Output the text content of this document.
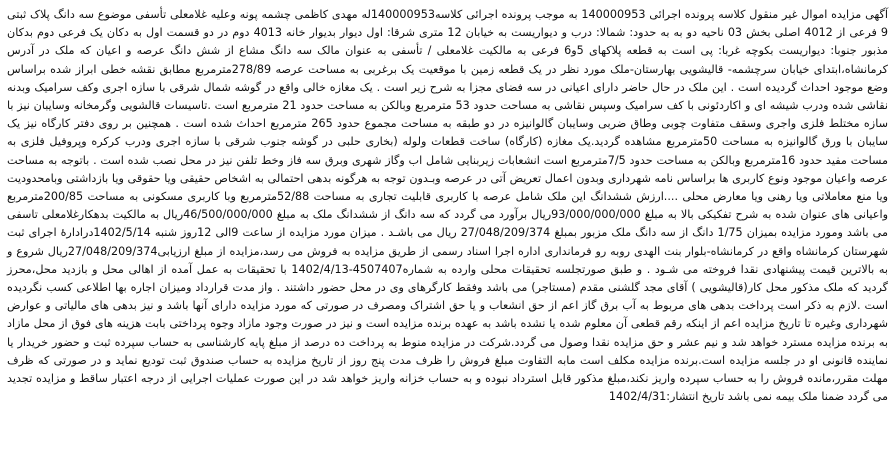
آگهی مزایده اموال غیر منقول کلاسه پرونده اجرائی 140000953 به موجب پرونده اجرائی کلاسه140000953له مهدی کاظمی چشمه پونه وعلیه غلامعلی تأسفی موضوع سه دانگ پلاک ثبتی 9 فرعی از 4012 اصلی بخش 03 ناحیه دو به به حدود: شمالا: درب و دیواریست به خیابان 12 متری شرقا: اول دیوار بدیوار خانه 4013 دوم در دو قسمت اول به دکان یک فرعی دوم بدکان مذبور جنوبا: دیواریست بکوچه غربا: پی است به قطعه پلاکهای 5و6 فرعی به مالکیت غلامعلی / تأسفی به عنوان مالک سه دانگ مشاع از شش دانگ عرصه و اعیان که ملک در آدرس کرمانشاه،ابتدای خیابان سرچشمه- قالیشویی بهارستان-ملک مورد نظر در یک قطعه زمین با موقعیت یک برغربی به مساحت عرصه 278/89مترمربع مطابق نقشه خطی ابراز شده براساس وضع موجود احداث گردیده است . این ملک در حال حاضر دارای اعیانی در سه فضای مجزا به شرح زیر است . یک مغازه خالی واقع در گوشه شمال شرقی با سازه اجری وکف سرامیک وبدنه نقاشی شده ودرب شیشه ای و اکاردئونی با کف سرامیک وسپس نقاشی به مساحت حدود 53 مترمربع وبالکن به مساحت حدود 21 مترمربع است .تاسیسات قالشویی وگرمخانه وسایبان نیز با سازه مختلط فلزی واجری وسقف متفاوت چوبی وطاق ضربی وسایبان گالوانیزه در دو طبقه به مساحت مجموع حدود 265 مترمربع احداث شده است . همچنین بر روی دفتر کارگاه نیز یک سایبان با ورق گالوانیزه به مساحت 50مترمربع مشاهده گردید.یک مغازه (کارگاه) ساخت قطعات ولوله (بخاری حلبی در گوشه جنوب شرقی با سازه اجری ودرب کرکره وپروفیل فلزی به مساحت مفید حدود 16مترمربع وبالکن به مساحت حدود 7/5مترمربع است انشعابات زیربنایی شامل اب وگاز شهری وبرق سه فاز وخط تلفن نیز در محل نصب شده است . باتوجه به مساحت عرصه واعیان موجود ونوع کاربری ها براساس نامه شهرداری وبدون اعمال تعریض آتی در عرصه وبـدون توجه به هرگونه بدهی احتمالی به اشخاص حقیقی ویا حقوقی ویا بازداشتی وبامحدودیت ویا منع معاملاتی ویا رهنی ویا معارض محلی ....ارزش ششدانگ این ملک شامل عرصه با کاربری قابلیت تجاری به مساحت 52/88مترمربع وبا کاربری مسکونی به مساحت 200/85مترمربع واعیانی های عنوان شده به شرح تفکیکی بالا به مبلغ 93/000/000/000ریال برآورد می گردد که سه دانگ از ششدانگ ملک به مبلغ 46/500/000/000ریال به مالکیت بدهکارغلامعلی تاسفی می باشد ومورد مزایده بمیزان 1/75 دانگ از سه دانگ ملک مزبور بمبلغ 27/048/209/374 ریال می باشـد . میزان مورد مزایده از ساعت 9الی 12روز شنبه 1402/5/14درادارهٔ اجرای ثبت شهرستان کرمانشاه واقع در کرمانشاه-بلوار بنت الهدی روبه رو فرمانداری اداره اجرا اسناد رسمی از طریق مزایده به فروش می رسد،مزایده از مبلغ ارزیابی27/048/209/374ریال شروع و به بالاترین قیمت پیشنهادی نقدا فروخته می شـود . و طبق صورتجلسه تحقیقات محلی وارده به شماره4507407-1402/4/13 با تحقیقات به عمل آمده از اهالی محل و بازدید محل،محرز گردید که ملک مذکور محل کار(قالیشویی ) آقای مجد گلشنی مقدم (مستاجر) می باشد وفقط کارگرهای وی در محل حضور داشتند . واز مدت قرارداد ومیزان اجاره بها اطلاعی کسب نگردیده است .لازم به ذکر است پرداخت بدهی های مربوط به آب برق گاز اعم از حق انشعاب و یا حق اشتراک ومصرف در صورتی که مورد مزایده دارای آنها باشد و نیز بدهی های مالیاتی و عوارض شهرداری وغیره تا تاریخ مزایده اعم از اینکه رقم قطعی آن معلوم شده یا نشده باشد به عهده برنده مزایده است و نیز در صورت وجود مازاد وجوه پرداختی بابت هزینه های فوق از محل مازاد به برنده مزایده مسترد خواهد شد و نیم عشر و حق مزایده نقدا وصول می گردد.شرکت در مزایده منوط به پرداخت ده درصد از مبلغ پایه کارشناسی به حساب سپرده ثبت و حضور خریدار یا نماینده قانونی او در جلسه مزایده است.برنده مزایده مکلف است مابه التفاوت مبلغ فروش را ظرف مدت پنج روز از تاریخ مزایده به حساب صندوق ثبت تودیع نماید و در صورتی که ظرف مهلت مقرر،مانده فروش را به حساب سپرده واریز نکند،مبلغ مذکور قابل استرداد نبوده و به حساب خزانه واریز خواهد شد در این صورت عملیات اجرایی از درجه اعتبار ساقط و مزایده تجدید می گردد ضمنا ملک بیمه نمی باشد تاریخ انتشار:1402/4/31
